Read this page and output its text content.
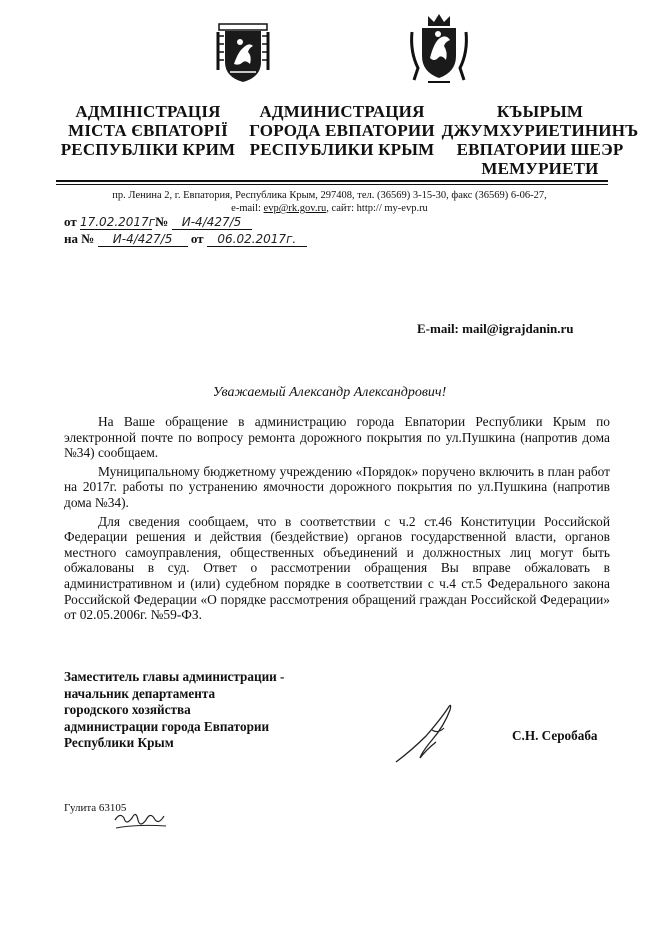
АДМІНІСТРАЦІЯ
МІСТА ЄВПАТОРІЇ
РЕСПУБЛІКИ КРИМ
АДМИНИСТРАЦИЯ
ГОРОДА ЕВПАТОРИИ
РЕСПУБЛИКИ КРЫМ
КЪЫРЫМ
ДЖУМХУРИЕТИНИНЪ
ЕВПАТОРИИ ШЕЭР
МЕМУРИЕТИ
пр. Ленина 2, г. Евпатория, Республика Крым, 297408, тел. (36569) 3-15-30, факс (36569) 6-06-27,
e-mail: evp@rk.gov.ru, сайт: http:// my-evp.ru
от 17.02.2017г. № И-4/427/5
на № И-4/427/5 от 06.02.2017г.
E-mail: mail@igrajdanin.ru
Уважаемый Александр Александрович!

На Ваше обращение в администрацию города Евпатории Республики Крым по электронной почте по вопросу ремонта дорожного покрытия по ул.Пушкина (напротив дома №34) сообщаем.

Муниципальному бюджетному учреждению «Порядок» поручено включить в план работ на 2017г. работы по устранению ямочности дорожного покрытия по ул.Пушкина (напротив дома №34).

Для сведения сообщаем, что в соответствии с ч.2 ст.46 Конституции Российской Федерации решения и действия (бездействие) органов государственной власти, органов местного самоуправления, общественных объединений и должностных лиц могут быть обжалованы в суд. Ответ о рассмотрении обращения Вы вправе обжаловать в административном и (или) судебном порядке в соответствии с ч.4 ст.5 Федерального закона Российской Федерации «О порядке рассмотрения обращений граждан Российской Федерации» от 02.05.2006г. №59-ФЗ.

Заместитель главы администрации -
начальник департамента
городского хозяйства
администрации города Евпатории
Республики Крым	С.Н. Серобаба
Гулита 63105
